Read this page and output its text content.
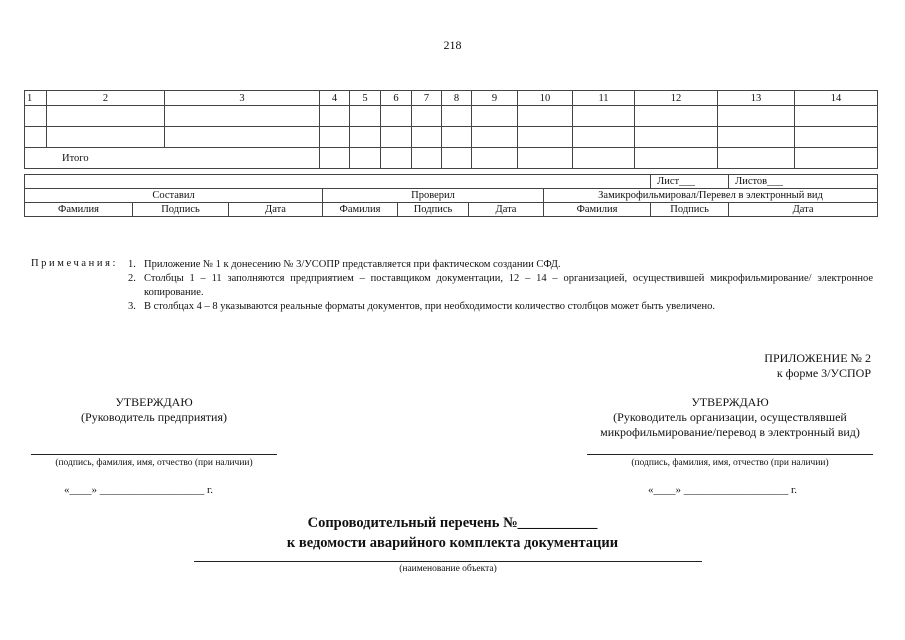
218
1	2	3	4	5	6	7	8	9	10	11	12	13	14

Итого													
							Лист___	Листов___
Составил			Проверил			Замикрофильмировал/Перевел в электронный вид		
Фамилия	Подпись	Дата	Фамилия	Подпись	Дата	Фамилия	Подпись	Дата
Примечания: 1. Приложение № 1 к донесению № 3/УСОПР представляется при фактическом создании СФД.
2. Столбцы 1 – 11 заполняются предприятием – поставщиком документации, 12 – 14 – организацией, осуществившей микрофильмирование/ электронное копирование.
3. В столбцах 4 – 8 указываются реальные форматы документов, при необходимости количество столбцов может быть увеличено.
ПРИЛОЖЕНИЕ № 2
к форме 3/УСПОР
УТВЕРЖДАЮ
(Руководитель предприятия)
(подпись, фамилия, имя, отчество (при наличии)
«____» ___________________ г.
УТВЕРЖДАЮ
(Руководитель организации, осуществлявшей
микрофильмирование/перевод в электронный вид)
(подпись, фамилия, имя, отчество (при наличии)
«____» ___________________ г.
Сопроводительный перечень №___________
к ведомости аварийного комплекта документации
(наименование объекта)
